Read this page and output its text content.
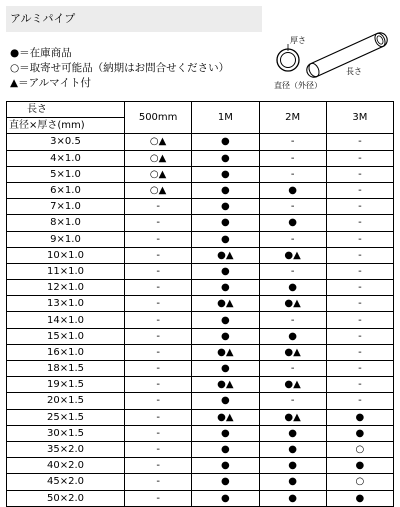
アルミパイプ
●＝在庫商品
○＝取寄せ可能品（納期はお問合せください）
▲＝アルマイト付
厚さ
長さ
直径（外径）
長さ	500mm	1M	2M	3M
直径×厚さ(mm)				
3×0.5	○▲	●	-	-
4×1.0	○▲	●	-	-
5×1.0	○▲	●	-	-
6×1.0	○▲	●	●	-
7×1.0	-	●	-	-
8×1.0	-	●	●	-
9×1.0	-	●	-	-
10×1.0	-	●▲	●▲	-
11×1.0	-	●	-	-
12×1.0	-	●	●	-
13×1.0	-	●▲	●▲	-
14×1.0	-	●	-	-
15×1.0	-	●	●	-
16×1.0	-	●▲	●▲	-
18×1.5	-	●	-	-
19×1.5	-	●▲	●▲	-
20×1.5	-	●	-	-
25×1.5	-	●▲	●▲	●
30×1.5	-	●	●	●
35×2.0	-	●	●	○
40×2.0	-	●	●	●
45×2.0	-	●	●	○
50×2.0	-	●	●	●
